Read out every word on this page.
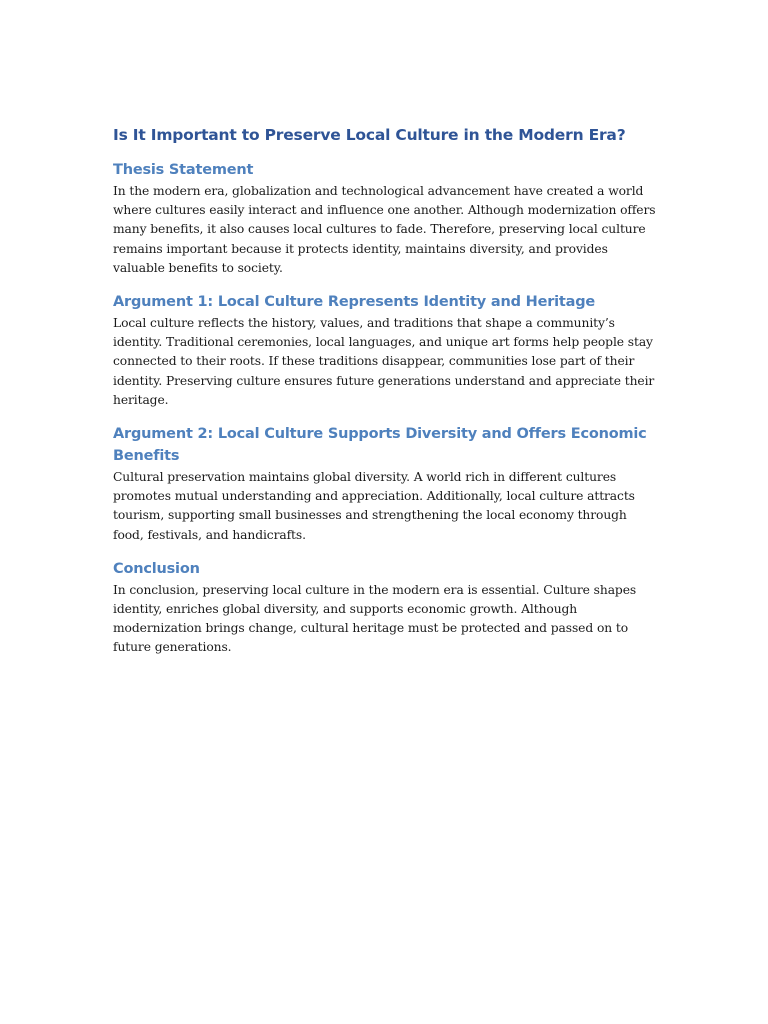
Is It Important to Preserve Local Culture in the Modern Era?
Thesis Statement

In the modern era, globalization and technological advancement have created a world where cultures easily interact and influence one another. Although modernization offers many benefits, it also causes local cultures to fade. Therefore, preserving local culture remains important because it protects identity, maintains diversity, and provides valuable benefits to society.

Argument 1: Local Culture Represents Identity and Heritage

Local culture reflects the history, values, and traditions that shape a community’s identity. Traditional ceremonies, local languages, and unique art forms help people stay connected to their roots. If these traditions disappear, communities lose part of their identity. Preserving culture ensures future generations understand and appreciate their heritage.

Argument 2: Local Culture Supports Diversity and Offers Economic Benefits

Cultural preservation maintains global diversity. A world rich in different cultures promotes mutual understanding and appreciation. Additionally, local culture attracts tourism, supporting small businesses and strengthening the local economy through food, festivals, and handicrafts.

Conclusion

In conclusion, preserving local culture in the modern era is essential. Culture shapes identity, enriches global diversity, and supports economic growth. Although modernization brings change, cultural heritage must be protected and passed on to future generations.
